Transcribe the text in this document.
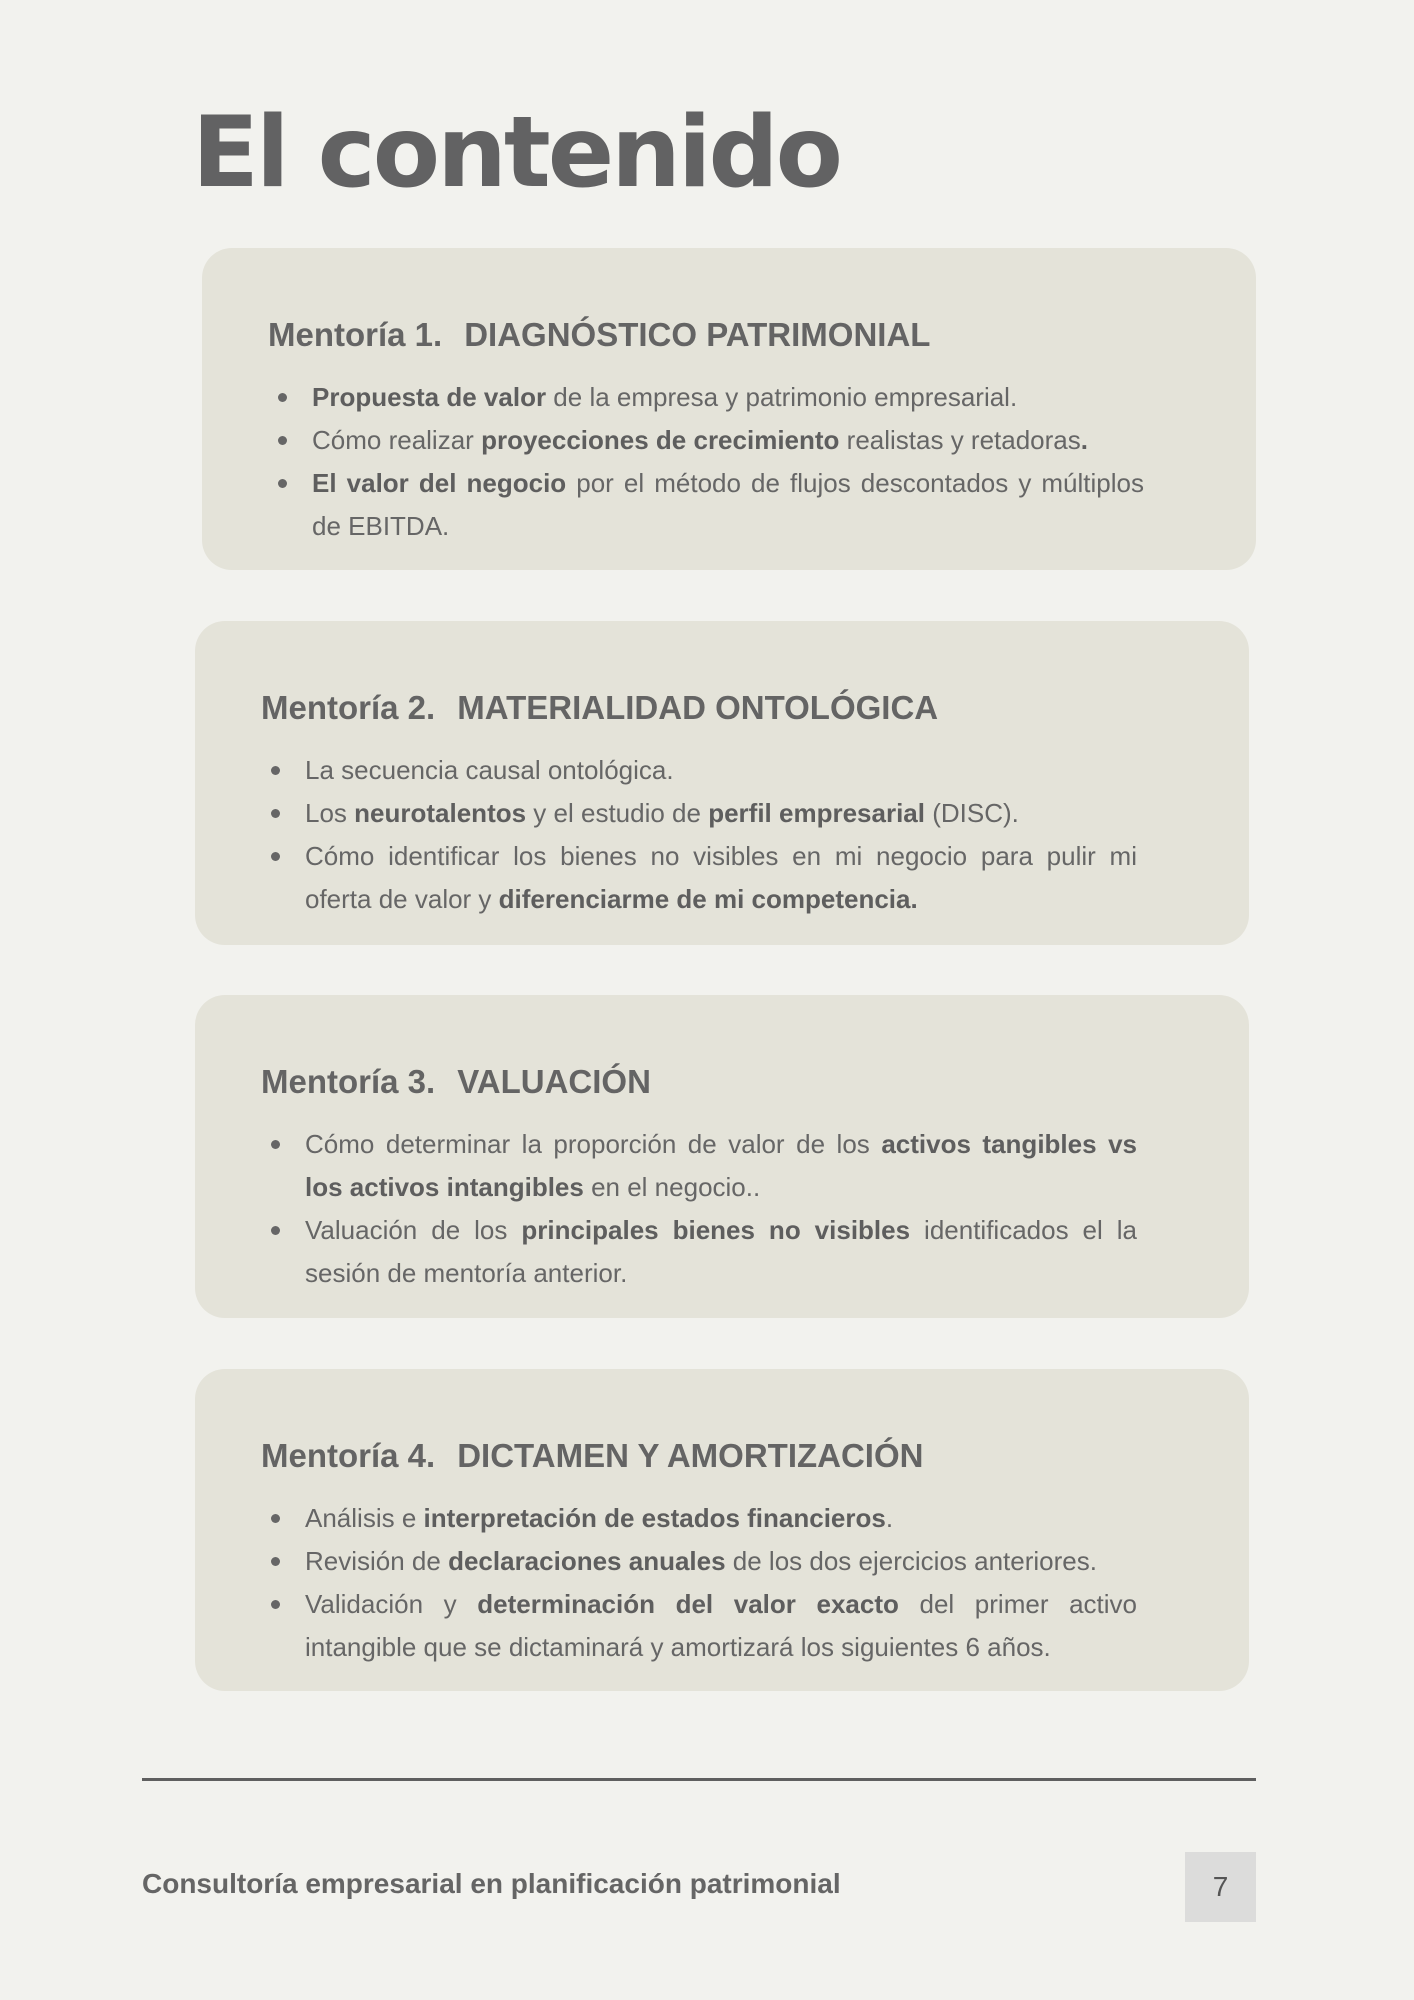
El contenido
Mentoría 1. DIAGNÓSTICO PATRIMONIAL
Propuesta de valor de la empresa y patrimonio empresarial.
Cómo realizar proyecciones de crecimiento realistas y retadoras.
El valor del negocio por el método de flujos descontados y múltiplos de EBITDA.
Mentoría 2. MATERIALIDAD ONTOLÓGICA
La secuencia causal ontológica.
Los neurotalentos y el estudio de perfil empresarial (DISC).
Cómo identificar los bienes no visibles en mi negocio para pulir mi oferta de valor y diferenciarme de mi competencia.
Mentoría 3. VALUACIÓN
Cómo determinar la proporción de valor de los activos tangibles vs los activos intangibles en el negocio..
Valuación de los principales bienes no visibles identificados el la sesión de mentoría anterior.
Mentoría 4. DICTAMEN Y AMORTIZACIÓN
Análisis e interpretación de estados financieros.
Revisión de declaraciones anuales de los dos ejercicios anteriores.
Validación y determinación del valor exacto del primer activo intangible que se dictaminará y amortizará los siguientes 6 años.
Consultoría empresarial en planificación patrimonial	7
